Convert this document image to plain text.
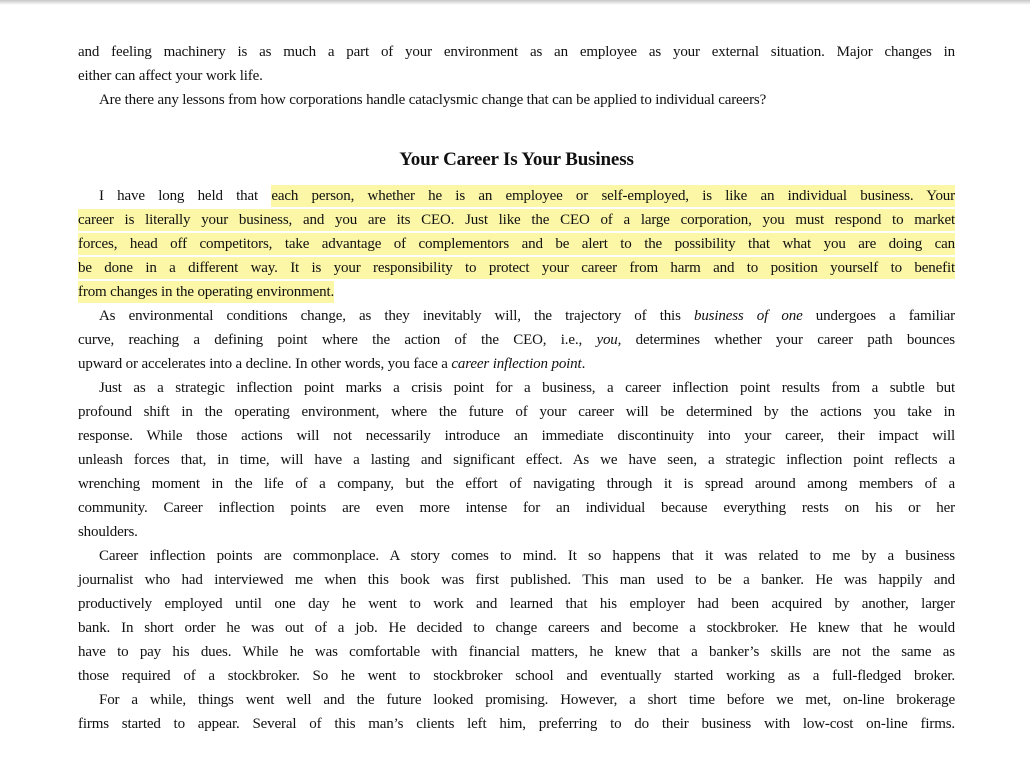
and feeling machinery is as much a part of your environment as an employee as your external situation. Major changes in
either can affect your work life.
Are there any lessons from how corporations handle cataclysmic change that can be applied to individual careers?
Your Career Is Your Business
I have long held that each person, whether he is an employee or self-employed, is like an individual business. Your
career is literally your business, and you are its CEO. Just like the CEO of a large corporation, you must respond to market
forces, head off competitors, take advantage of complementors and be alert to the possibility that what you are doing can
be done in a different way. It is your responsibility to protect your career from harm and to position yourself to benefit
from changes in the operating environment.
As environmental conditions change, as they inevitably will, the trajectory of this business of one undergoes a familiar
curve, reaching a defining point where the action of the CEO, i.e., you, determines whether your career path bounces
upward or accelerates into a decline. In other words, you face a career inflection point.
Just as a strategic inflection point marks a crisis point for a business, a career inflection point results from a subtle but
profound shift in the operating environment, where the future of your career will be determined by the actions you take in
response. While those actions will not necessarily introduce an immediate discontinuity into your career, their impact will
unleash forces that, in time, will have a lasting and significant effect. As we have seen, a strategic inflection point reflects a
wrenching moment in the life of a company, but the effort of navigating through it is spread around among members of a
community. Career inflection points are even more intense for an individual because everything rests on his or her
shoulders.
Career inflection points are commonplace. A story comes to mind. It so happens that it was related to me by a business
journalist who had interviewed me when this book was first published. This man used to be a banker. He was happily and
productively employed until one day he went to work and learned that his employer had been acquired by another, larger
bank. In short order he was out of a job. He decided to change careers and become a stockbroker. He knew that he would
have to pay his dues. While he was comfortable with financial matters, he knew that a banker’s skills are not the same as
those required of a stockbroker. So he went to stockbroker school and eventually started working as a full-fledged broker.
For a while, things went well and the future looked promising. However, a short time before we met, on-line brokerage
firms started to appear. Several of this man’s clients left him, preferring to do their business with low-cost on-line firms.
